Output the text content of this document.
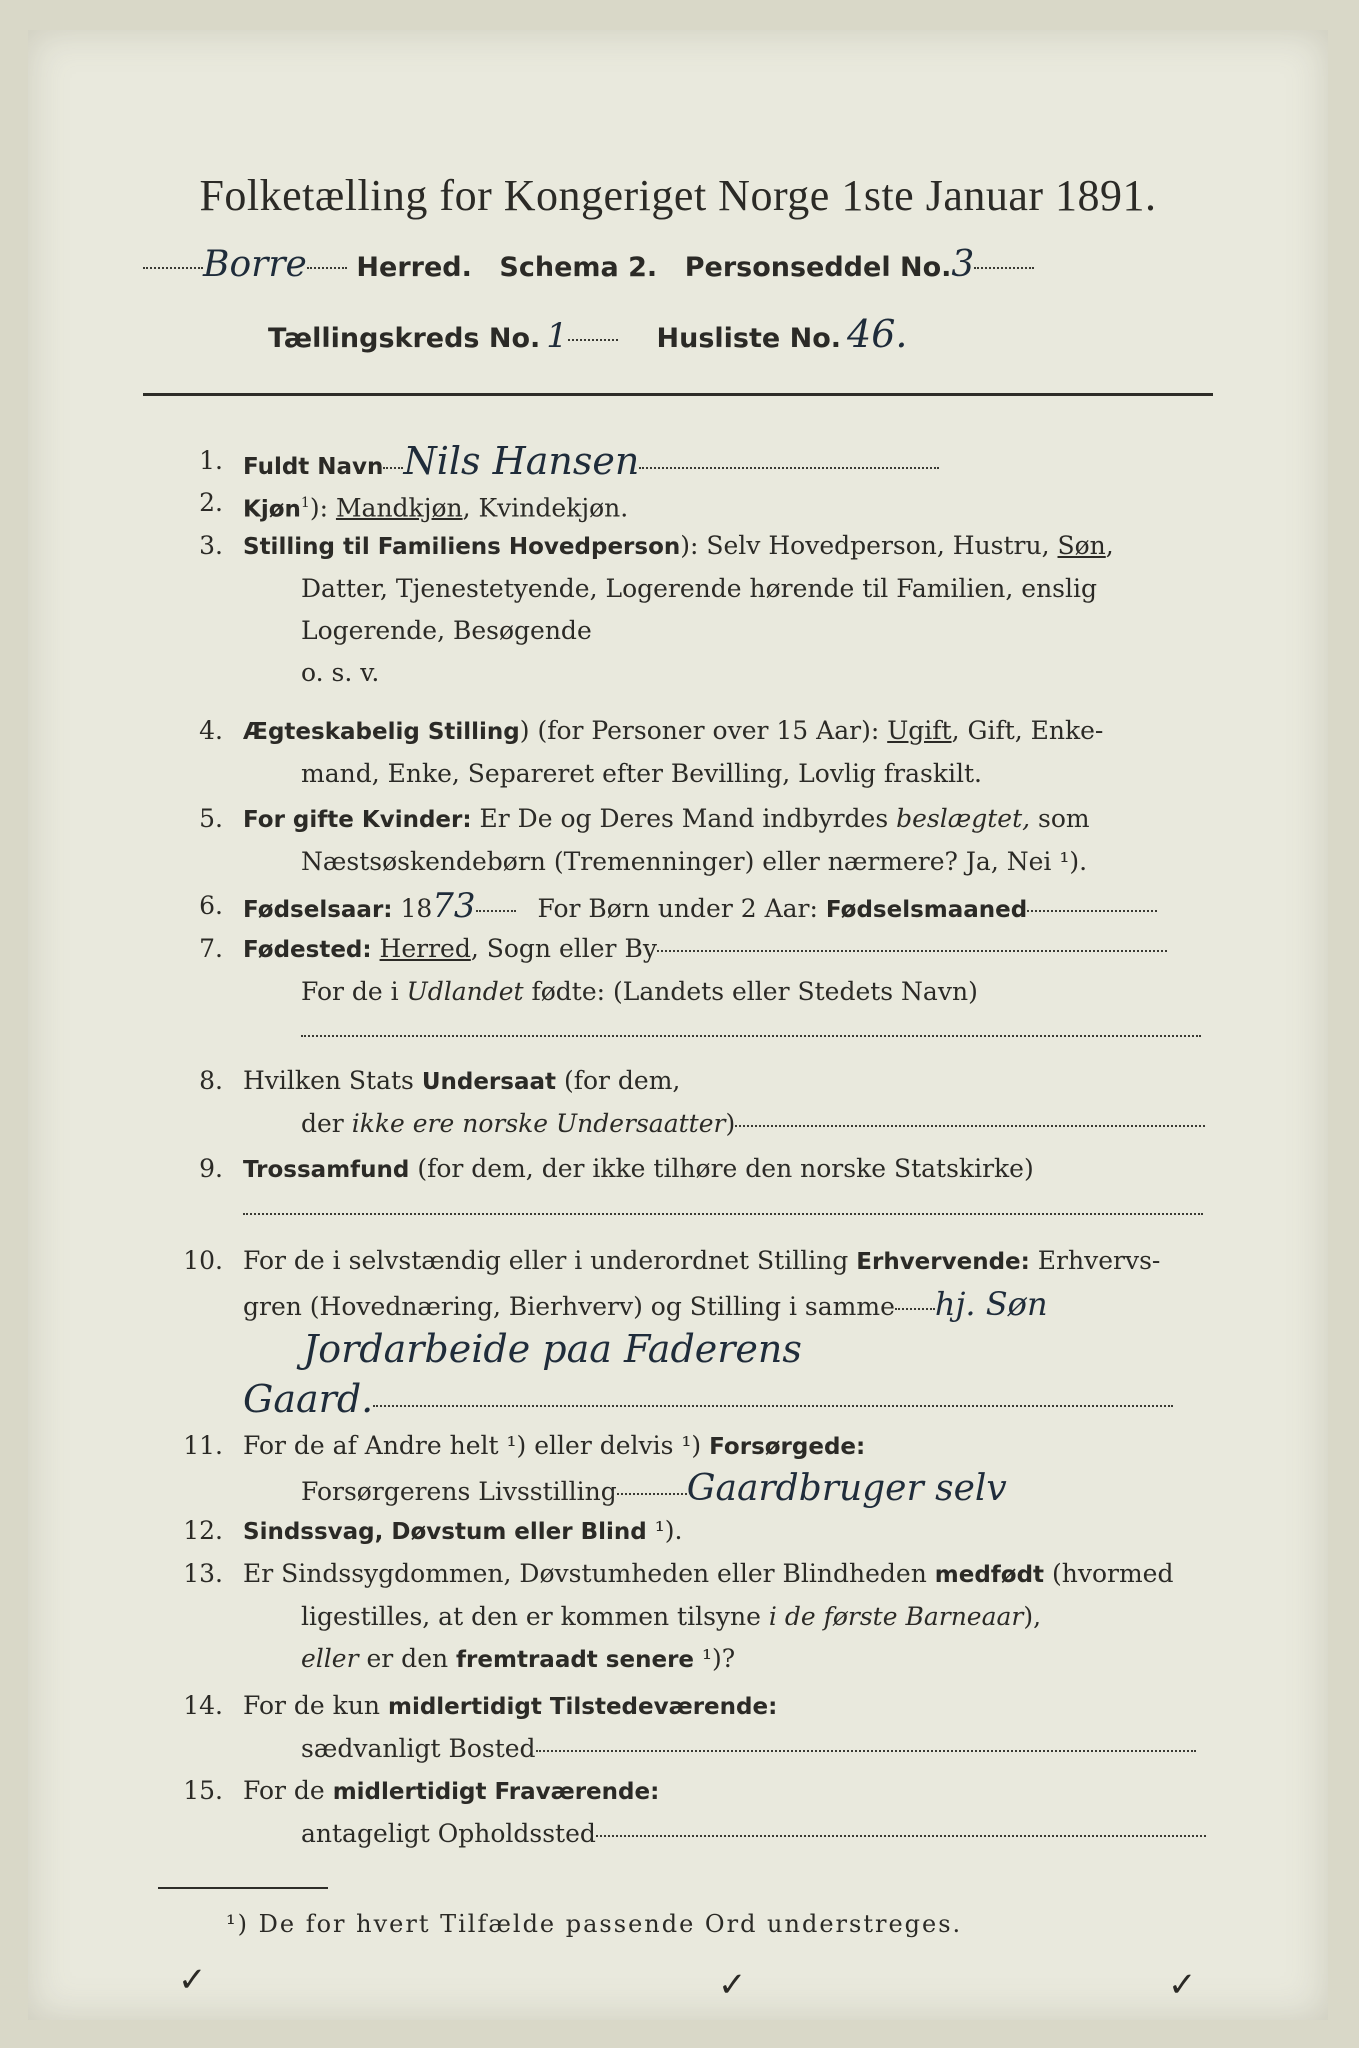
Folketælling for Kongeriget Norge 1ste Januar 1891.
Borre Herred. Schema 2. Personseddel No.3
Tællingskreds No. 1	Husliste No. 46.
1. Fuldt Navn Nils Hansen
2. Kjøn$^1$): Mandkjøn, Kvindekjøn.
3. Stilling til Familiens Hovedperson): Selv Hovedperson, Hustru, Søn,
Datter, Tjenestetyende, Logerende hørende til Familien, enslig
Logerende, Besøgende
o. s. v.
4. Ægteskabelig Stilling) (for Personer over 15 Aar): Ugift, Gift, Enke-
mand, Enke, Separeret efter Bevilling, Lovlig fraskilt.
5. For gifte Kvinder: Er De og Deres Mand indbyrdes beslægtet, som
Næstsøskendebørn (Tremenninger) eller nærmere? Ja, Nei ¹).
6. Fødselsaar: 1873 For Børn under 2 Aar: Fødselsmaaned
7. Fødested: Herred, Sogn eller By
For de i Udlandet fødte: (Landets eller Stedets Navn)
8. Hvilken Stats Undersaat (for dem,
der ikke ere norske Undersaatter)
9. Trossamfund (for dem, der ikke tilhøre den norske Statskirke)
10. For de i selvstændig eller i underordnet Stilling Erhvervende: Erhvervs-
gren (Hovednæring, Bierhverv) og Stilling i samme hj. Søn
Jordarbeide paa Faderens
Gaard.
11. For de af Andre helt ¹) eller delvis ¹) Forsørgede:
Forsørgerens Livsstilling Gaardbruger selv
12. Sindssvag, Døvstum eller Blind ¹).
13. Er Sindssygdommen, Døvstumheden eller Blindheden medfødt (hvormed
ligestilles, at den er kommen tilsyne i de første Barneaar),
eller er den fremtraadt senere ¹)?
14. For de kun midlertidigt Tilstedeværende:
sædvanligt Bosted
15. For de midlertidigt Fraværende:
antageligt Opholdssted
¹) De for hvert Tilfælde passende Ord understreges.
✓	✓	✓
